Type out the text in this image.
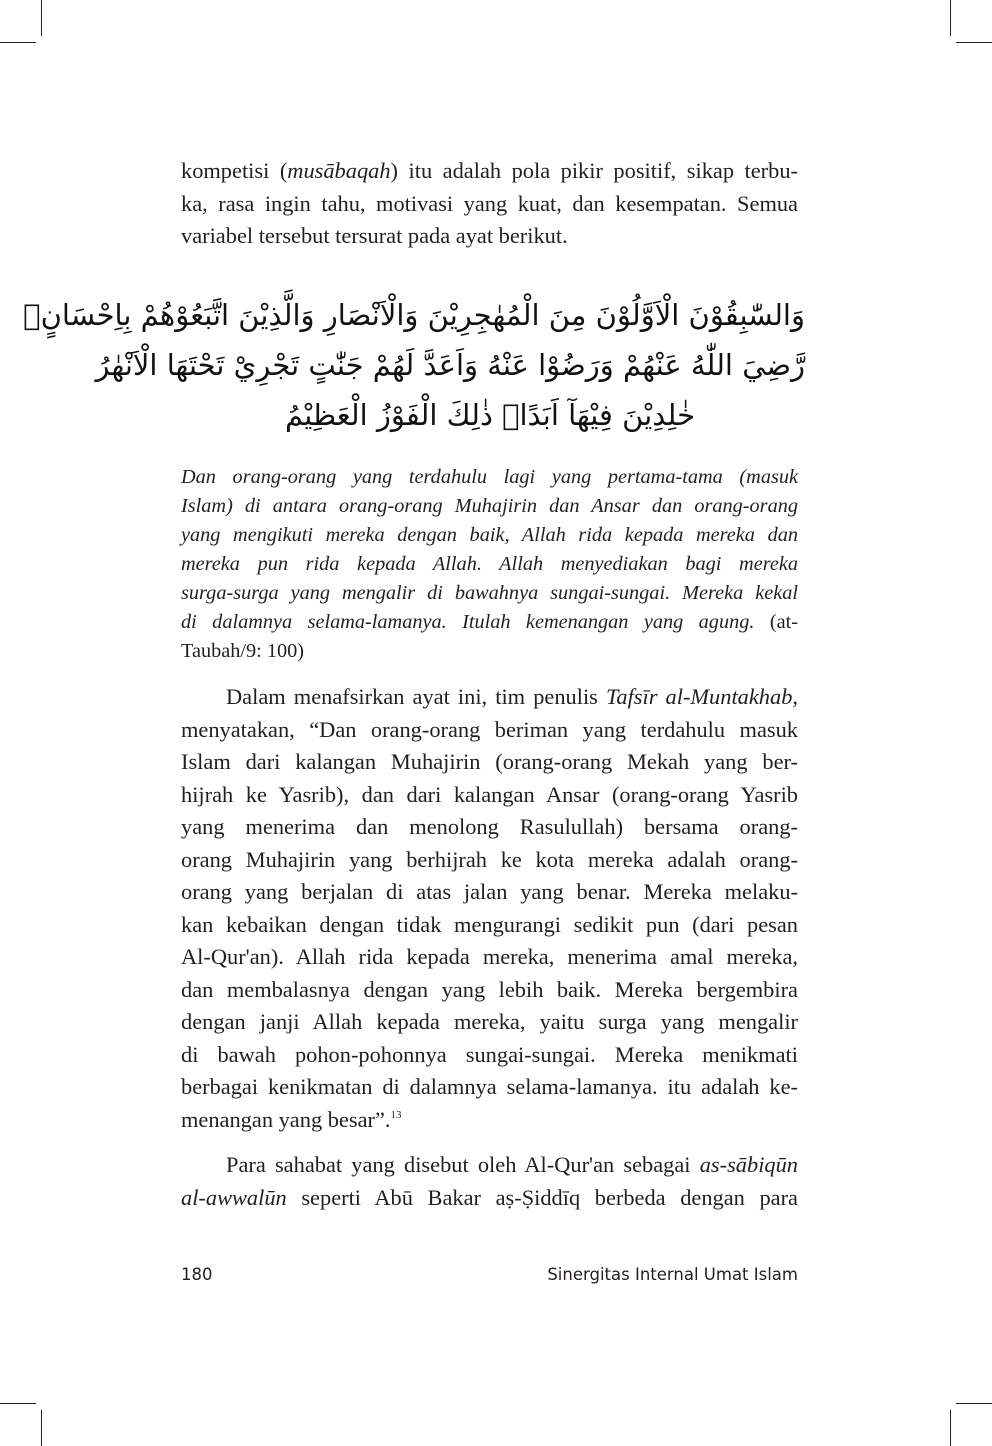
kompetisi (musābaqah) itu adalah pola pikir positif, sikap terbu-
ka, rasa ingin tahu, motivasi yang kuat, dan kesempatan. Semua
variabel tersebut tersurat pada ayat berikut.
وَالسّٰبِقُوْنَ الْاَوَّلُوْنَ مِنَ الْمُهٰجِرِيْنَ وَالْاَنْصَارِ وَالَّذِيْنَ اتَّبَعُوْهُمْ بِاِحْسَانٍۙ
رَّضِيَ اللّٰهُ عَنْهُمْ وَرَضُوْا عَنْهُ وَاَعَدَّ لَهُمْ جَنّٰتٍ تَجْرِيْ تَحْتَهَا الْاَنْهٰرُ
خٰلِدِيْنَ فِيْهَآ اَبَدًاۗ ذٰلِكَ الْفَوْزُ الْعَظِيْمُ
Dan orang-orang yang terdahulu lagi yang pertama-tama (masuk
Islam) di antara orang-orang Muhajirin dan Ansar dan orang-orang
yang mengikuti mereka dengan baik, Allah rida kepada mereka dan
mereka pun rida kepada Allah. Allah menyediakan bagi mereka
surga-surga yang mengalir di bawahnya sungai-sungai. Mereka kekal
di dalamnya selama-lamanya. Itulah kemenangan yang agung. (at-
Taubah/9: 100)
Dalam menafsirkan ayat ini, tim penulis Tafsīr al-Muntakhab,
menyatakan, “Dan orang-orang beriman yang terdahulu masuk
Islam dari kalangan Muhajirin (orang-orang Mekah yang ber-
hijrah ke Yasrib), dan dari kalangan Ansar (orang-orang Yasrib
yang menerima dan menolong Rasulullah) bersama orang-
orang Muhajirin yang berhijrah ke kota mereka adalah orang-
orang yang berjalan di atas jalan yang benar. Mereka melaku-
kan kebaikan dengan tidak mengurangi sedikit pun (dari pesan
Al-Qur'an). Allah rida kepada mereka, menerima amal mereka,
dan membalasnya dengan yang lebih baik. Mereka bergembira
dengan janji Allah kepada mereka, yaitu surga yang mengalir
di bawah pohon-pohonnya sungai-sungai. Mereka menikmati
berbagai kenikmatan di dalamnya selama-lamanya. itu adalah ke-
menangan yang besar”.$^{13}$
Para sahabat yang disebut oleh Al-Qur'an sebagai as-sābiqūn
al-awwalūn seperti Abū Bakar aṣ-Ṣiddīq berbeda dengan para
180	Sinergitas Internal Umat Islam
